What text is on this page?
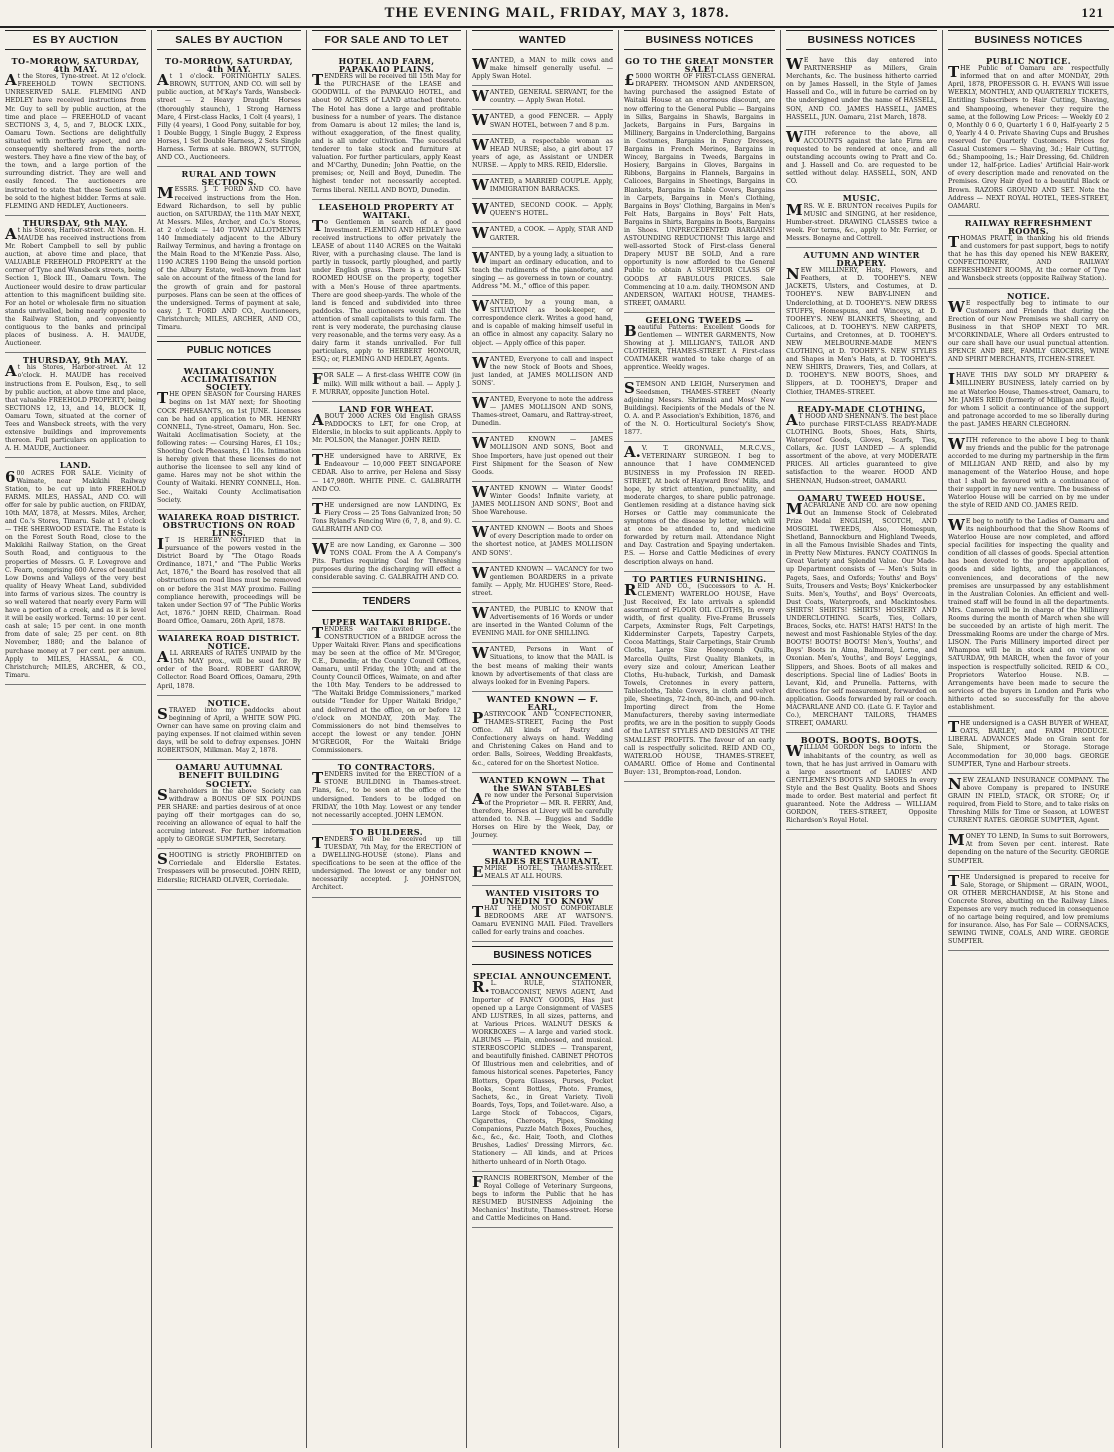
THE EVENING MAIL, FRIDAY, MAY 3, 1878.	121
ES BY AUCTION

TO-MORROW, SATURDAY, 4th MAY.

At the Stores, Tyne-street. At 12 o'clock. FREEHOLD TOWN SECTIONS. UNRESERVED SALE. FLEMING AND HEDLEY have received instructions from Mr. Guy to sell by public auction, at the time and place — FREEHOLD of vacant SECTIONS 3, 4, 5, and 7, BLOCK LXIX., Oamaru Town. Sections are delightfully situated with northerly aspect, and are consequently sheltered from the north-westers. They have a fine view of the bay, of the town, and a large portion of the surrounding district. They are well and easily fenced. The auctioneers are instructed to state that these Sections will be sold to the highest bidder. Terms at sale. FLEMING AND HEDLEY, Auctioneers.

THURSDAY, 9th MAY.

At his Stores, Harbor-street. At Noon. H. MAUDE has received instructions from Mr. Robert Campbell to sell by public auction, at above time and place, that VALUABLE FREEHOLD PROPERTY at the corner of Tyne and Wansbeck streets, being Section 1, Block III., Oamaru Town. The Auctioneer would desire to draw particular attention to this magnificent building site. For an hotel or wholesale firm no situation stands unrivalled, being nearly opposite to the Railway Station, and conveniently contiguous to the banks and principal places of business. A. H. MAUDE, Auctioneer.

THURSDAY, 9th MAY.

At his Stores, Harbor-street. At 12 o'clock. H. MAUDE has received instructions from E. Poulson, Esq., to sell by public auction, at above time and place, that valuable FREEHOLD PROPERTY, being SECTIONS 12, 13, and 14, BLOCK II, Oamaru Town, situated at the corner of Tees and Wansbeck streets, with the very extensive buildings and improvements thereon. Full particulars on application to A. H. MAUDE, Auctioneer.

LAND.

600 ACRES FOR SALE. Vicinity of Waimate, near Makikihi Railway Station, to be cut up into FREEHOLD FARMS. MILES, HASSAL, AND CO. will offer for sale by public auction, on FRIDAY, 10th MAY, 1878, at Messrs. Miles, Archer, and Co.'s Stores, Timaru. Sale at 1 o'clock — THE SHERWOOD ESTATE. The Estate is on the Forest South Road, close to the Makikihi Railway Station, on the Great South Road, and contiguous to the properties of Messrs. G. F. Lovegrove and C. Fearn, comprising 600 Acres of beautiful Low Downs and Valleys of the very best quality of Heavy Wheat Land, subdivided into farms of various sizes. The country is so well watered that nearly every Farm will have a portion of a creek, and as it is level it will be easily worked. Terms: 10 per cent. cash at sale; 15 per cent. in one month from date of sale; 25 per cent. on 8th November, 1880; and the balance of purchase money at 7 per cent. per annum. Apply to MILES, HASSAL, & CO., Christchurch; MILES, ARCHER, & CO., Timaru.

SALES BY AUCTION

TO-MORROW, SATURDAY, 4th MAY.

At 1 o'clock. FORTNIGHTLY SALES. BROWN, SUTTON, AND CO. will sell by public auction, at M'Kay's Yards, Wansbeck-street — 2 Heavy Draught Horses (thoroughly staunch), 1 Strong Harness Mare, 4 First-class Hacks, 1 Colt (4 years), 1 Filly (4 years), 1 Good Pony, suitable for boy, 1 Double Buggy, 1 Single Buggy, 2 Express Horses, 1 Set Double Harness, 2 Sets Single Harness. Terms at sale. BROWN, SUTTON, AND CO., Auctioneers.

RURAL AND TOWN SECTIONS.

MESSRS. J. T. FORD AND CO. have received instructions from the Hon. Edward Richardson, to sell by public auction, on SATURDAY, the 11th MAY NEXT, At Messrs. Miles, Archer, and Co.'s Stores, at 2 o'clock — 140 TOWN ALLOTMENTS 140 Immediately adjacent to the Albury Railway Terminus, and having a frontage on the Main Road to the M'Kenzie Pass. Also, 1190 ACRES 1190 Being the unsold portion of the Albury Estate, well-known from last sale on account of the fitness of the land for the growth of grain and for pastoral purposes. Plans can be seen at the offices of the undersigned. Terms of payment at sale, easy. J. T. FORD AND CO., Auctioneers, Christchurch; MILES, ARCHER, AND CO., Timaru.

PUBLIC NOTICES

WAITAKI COUNTY ACCLIMATISATION SOCIETY.

THE OPEN SEASON for Coursing HARES begins on 1st MAY next; for Shooting COCK PHEASANTS, on 1st JUNE. Licenses can be had on application to MR. HENRY CONNELL, Tyne-street, Oamaru, Hon. Sec. Waitaki Acclimatisation Society, at the following rates: — Coursing Hares, £1 10s.; Shooting Cock Pheasants, £1 10s. Intimation is hereby given that these licenses do not authorise the licensee to sell any kind of game. Hares may not be shot within the County of Waitaki. HENRY CONNELL, Hon. Sec., Waitaki County Acclimatisation Society.

WAIAREKA ROAD DISTRICT. OBSTRUCTIONS ON ROAD LINES.

IT IS HEREBY NOTIFIED that in pursuance of the powers vested in the District Board by "The Otago Roads Ordinance, 1871," and "The Public Works Act, 1876," the Board has resolved that all obstructions on road lines must be removed on or before the 31st MAY proximo. Failing compliance herewith, proceedings will be taken under Section 97 of "The Public Works Act, 1876." JOHN REID, Chairman. Road Board Office, Oamaru, 26th April, 1878.

WAIAREKA ROAD DISTRICT. NOTICE.

ALL ARREARS of RATES UNPAID by the 15th MAY prox., will be sued for. By order of the Board. ROBERT GARROW, Collector. Road Board Offices, Oamaru, 29th April, 1878.

NOTICE.

STRAYED into my paddocks about beginning of April, a WHITE SOW PIG. Owner can have same on proving claim and paying expenses. If not claimed within seven days, will be sold to defray expenses. JOHN ROBERTSON, Milkman. May 2, 1878.

OAMARU AUTUMNAL BENEFIT BUILDING SOCIETY.

Shareholders in the above Society can withdraw a BONUS OF SIX POUNDS PER SHARE: and parties desirous of at once paying off their mortgages can do so, receiving an allowance of equal to half the accruing interest. For further information apply to GEORGE SUMPTER, Secretary.

SHOOTING is strictly PROHIBITED on Corriedale and Elderslie Estates. Trespassers will be prosecuted. JOHN REID, Elderslie; RICHARD OLIVER, Corriedale.

FOR SALE AND TO LET

HOTEL AND FARM, PAPAKAIO PLAINS.

TENDERS will be received till 15th May for the PURCHASE of the LEASE and GOODWILL of the PAPAKAIO HOTEL, and about 90 ACRES of LAND attached thereto. The Hotel has done a large and profitable business for a number of years. The distance from Oamaru is about 12 miles; the land is, without exaggeration, of the finest quality, and is all under cultivation. The successful tenderer to take stock and furniture at valuation. For further particulars, apply Keast and M'Carthy, Dunedin; John Peattie, on the premises; or, Neill and Boyd, Dunedin. The highest tender not necessarily accepted. Terms liberal. NEILL AND BOYD, Dunedin.

LEASEHOLD PROPERTY AT WAITAKI.

To Gentlemen in search of a good Investment. FLEMING AND HEDLEY have received instructions to offer privately the LEASE of about 1140 ACRES on the Waitaki River, with a purchasing clause. The land is partly in tussock, partly ploughed, and partly under English grass. There is a good SIX-ROOMED HOUSE on the property, together with a Men's House of three apartments. There are good sheep-yards. The whole of the land is fenced and subdivided into three paddocks. The auctioneers would call the attention of small capitalists to this farm. The rent is very moderate, the purchasing clause very reasonable, and the terms very easy. As a dairy farm it stands unrivalled. For full particulars, apply to HERBERT HONOUR, ESQ.; or, FLEMING AND HEDLEY, Agents.

FOR SALE — A first-class WHITE COW (in milk). Will milk without a bail. — Apply J. F. MURRAY, opposite Junction Hotel.

LAND FOR WHEAT.

ABOUT 2000 ACRES Old English GRASS PADDOCKS to LET, for one Crop, at Elderslie, in blocks to suit applicants. Apply to Mr. POLSON, the Manager. JOHN REID.

THE undersigned have to ARRIVE, Ex Endeavour — 10,000 FEET SINGAPORE CEDAR. Also to arrive, per Helena and Sissy — 147,980ft. WHITE PINE. C. GALBRAITH AND CO.

THE undersigned are now LANDING, Ex Fiery Cross — 25 Tons Galvanized Iron; 50 Tons Ryland's Fencing Wire (6, 7, 8, and 9). C. GALBRAITH AND CO.

WE are now Landing, ex Garonne — 300 TONS COAL From the A A Company's Pits. Parties requiring Coal for Threshing purposes during the discharging will effect a considerable saving. C. GALBRAITH AND CO.

TENDERS

UPPER WAITAKI BRIDGE.

TENDERS are invited for the CONSTRUCTION of a BRIDGE across the Upper Waitaki River. Plans and specifications may be seen at the office of Mr. M'Gregor, C.E., Dunedin; at the County Council Offices, Oamaru, until Friday, the 10th; and at the County Council Offices, Waimate, on and after the 10th May. Tenders to be addressed to "The Waitaki Bridge Commissioners," marked outside "Tender for Upper Waitaki Bridge," and delivered at the office, on or before 12 o'clock on MONDAY, 20th May. The Commissioners do not bind themselves to accept the lowest or any tender. JOHN M'GREGOR, For the Waitaki Bridge Commissioners.

TO CONTRACTORS.

TENDERS invited for the ERECTION of a STONE BUILDING in Thames-street. Plans, &c., to be seen at the office of the undersigned. Tenders to be lodged on FRIDAY, the 10th May. Lowest or any tender not necessarily accepted. JOHN LEMON.

TO BUILDERS.

TENDERS will be received up till TUESDAY, 7th May, for the ERECTION of a DWELLING-HOUSE (stone). Plans and specifications to be seen at the office of the undersigned. The lowest or any tender not necessarily accepted. J. JOHNSTON, Architect.

WANTED

WANTED, a MAN to milk cows and make himself generally useful. — Apply Swan Hotel.

WANTED, GENERAL SERVANT, for the country. — Apply Swan Hotel.

WANTED, a good FENCER. — Apply SWAN HOTEL, between 7 and 8 p.m.

WANTED, a respectable woman as HEAD NURSE; also, a girl about 17 years of age, as Assistant or UNDER NURSE. — Apply to MRS. REID, Elderslie.

WANTED, a MARRIED COUPLE. Apply, IMMIGRATION BARRACKS.

WANTED, SECOND COOK. — Apply, QUEEN'S HOTEL.

WANTED, a COOK. — Apply, STAR AND GARTER.

WANTED, by a young lady, a situation to impart an ordinary education, and to teach the rudiments of the pianoforte, and singing — as governess in town or country. Address "M. M.," office of this paper.

WANTED, by a young man, a SITUATION as book-keeper, or correspondence clerk. Writes a good hand, and is capable of making himself useful in an office in almost any capacity. Salary no object. — Apply office of this paper.

WANTED, Everyone to call and inspect the new Stock of Boots and Shoes, just landed, at JAMES MOLLISON AND SONS'.

WANTED, Everyone to note the address — JAMES MOLLISON AND SONS, Thames-street, Oamaru, and Rattray-street, Dunedin.

WANTED KNOWN — JAMES MOLLISON AND SONS, Boot and Shoe Importers, have just opened out their First Shipment for the Season of New Goods.

WANTED KNOWN — Winter Goods! Winter Goods! Infinite variety, at JAMES MOLLISON AND SONS', Boot and Shoe Warehouse.

WANTED KNOWN — Boots and Shoes of every Description made to order on the shortest notice, at JAMES MOLLISON AND SONS'.

WANTED KNOWN — VACANCY for two gentlemen BOARDERS in a private family. — Apply, Mr. HUGHES' Store, Reed-street.

WANTED, the PUBLIC to KNOW that Advertisements of 16 Words or under are inserted in the Wanted Column of the EVENING MAIL for ONE SHILLING.

WANTED, Persons in Want of Situations, to know that the MAIL is the best means of making their wants known by advertisements of that class are always looked for in Evening Papers.

WANTED KNOWN — F. EARL,

PASTRYCOOK AND CONFECTIONER, THAMES-STREET, Facing the Post Office. All kinds of Pastry and Confectionery always on hand. Wedding and Christening Cakes on Hand and to order. Balls, Soirees, Wedding Breakfasts, &c., catered for on the Shortest Notice.

WANTED KNOWN — That the SWAN STABLES

Are now under the Personal Supervision of the Proprietor — MR. R. FERRY, And, therefore, Horses at Livery will be carefully attended to. N.B. — Buggies and Saddle Horses on Hire by the Week, Day, or Journey.

WANTED KNOWN — SHADES RESTAURANT,

EMPIRE HOTEL, THAMES-STREET. MEALS AT ALL HOURS.

WANTED VISITORS TO DUNEDIN TO KNOW

THAT THE MOST COMFORTABLE BEDROOMS ARE AT WATSON'S. Oamaru EVENING MAIL Filed. Travellers called for early trains and coaches.

BUSINESS NOTICES

SPECIAL ANNOUNCEMENT.

R.L. RULE, STATIONER, TOBACCONIST, NEWS AGENT, And Importer of FANCY GOODS, Has just opened up a Large Consignment of VASES AND LUSTRES, In all sizes, patterns, and at Various Prices. WALNUT DESKS & WORKBOXES — A large and varied stock. ALBUMS — Plain, embossed, and musical. STEREOSCOPIC SLIDES — Transparent, and beautifully finished. CABINET PHOTOS Of Illustrious men and celebrities, and of famous historical scenes. Papeteries, Fancy Blotters, Opera Glasses, Purses, Pocket Books, Scent Bottles, Photo. Frames, Sachets, &c., in Great Variety. Tivoli Boards, Toys, Tops, and Toilet-ware. Also, a Large Stock of Tobaccos, Cigars, Cigarettes, Cheroots, Pipes, Smoking Companions, Puzzle Match Boxes, Pouches, &c., &c., &c. Hair, Tooth, and Clothes Brushes, Ladies' Dressing Mirrors, &c. Stationery — All kinds, and at Prices hitherto unheard of in North Otago.

FRANCIS ROBERTSON, Member of the Royal College of Veterinary Surgeons, begs to inform the Public that he has RESUMED BUSINESS Adjoining the Mechanics' Institute, Thames-street. Horse and Cattle Medicines on Hand.

BUSINESS NOTICES

GO TO THE GREAT MONSTER SALE!

£5000 WORTH OF FIRST-CLASS GENERAL DRAPERY. THOMSON AND ANDERSON, having purchased the assigned Estate of Waitaki House at an enormous discount, are now offering to the General Public — Bargains in Silks, Bargains in Shawls, Bargains in Jackets, Bargains in Furs, Bargains in Millinery, Bargains in Underclothing, Bargains in Costumes, Bargains in Fancy Dresses, Bargains in French Merinos, Bargains in Wincey, Bargains in Tweeds, Bargains in Hosiery, Bargains in Gloves, Bargains in Ribbons, Bargains in Flannels, Bargains in Calicoes, Bargains in Sheetings, Bargains in Blankets, Bargains in Table Covers, Bargains in Carpets, Bargains in Men's Clothing, Bargains in Boys' Clothing, Bargains in Men's Felt Hats, Bargains in Boys' Felt Hats, Bargains in Shirts, Bargains in Boots, Bargains in Shoes. UNPRECEDENTED BARGAINS! ASTOUNDING REDUCTIONS! This large and well-assorted Stock of First-class General Drapery MUST BE SOLD, And a rare opportunity is now afforded to the General Public to obtain A SUPERIOR CLASS OF GOODS AT FABULOUS PRICES. Sale Commencing at 10 a.m. daily. THOMSON AND ANDERSON, WAITAKI HOUSE, THAMES-STREET, OAMARU.

GEELONG TWEEDS —

Beautiful Patterns: Excellent Goods for Gentlemen — WINTER GARMENTS, Now Showing at J. MILLIGAN'S, TAILOR AND CLOTHIER, THAMES-STREET. A First-class COATMAKER wanted to take charge of an apprentice. Weekly wages.

STEMSON AND LEIGH, Nurserymen and Seedsmen, THAMES-STREET (Nearly adjoining Messrs. Shrimski and Moss' New Buildings). Recipients of the Medals of the N. O. A. and P. Association's Exhibition, 1876, and of the N. O. Horticultural Society's Show, 1877.

A.V. T. GRONVALL, M.R.C.V.S., VETERINARY SURGEON. I beg to announce that I have COMMENCED BUSINESS in my Profession IN REED-STREET, At back of Hayward Bros' Mills, and hope, by strict attention, punctuality, and moderate charges, to share public patronage. Gentlemen residing at a distance having sick Horses or Cattle may communicate the symptoms of the disease by letter, which will at once be attended to, and medicine forwarded by return mail. Attendance Night and Day. Castration and Spaying undertaken. P.S. — Horse and Cattle Medicines of every description always on hand.

TO PARTIES FURNISHING.

REID AND CO., (Successors to A. H. CLEMENT) WATERLOO HOUSE, Have Just Received, Ex late arrivals a splendid assortment of FLOOR OIL CLOTHS, In every width, of first quality. Five-Frame Brussels Carpets, Axminster Rugs, Felt Carpetings, Kidderminster Carpets, Tapestry Carpets, Cocoa Mattings, Stair Carpetings, Stair Crumb Cloths, Large Size Honeycomb Quilts, Marcella Quilts, First Quality Blankets, in every size and colour, American Leather Cloths, Hu-huback, Turkish, and Damask Towels, Cretonnes in every pattern, Tablecloths, Table Covers, in cloth and velvet pile, Sheetings, 72-inch, 80-inch, and 90-inch. Importing direct from the Home Manufacturers, thereby saving intermediate profits, we are in the position to supply Goods of the LATEST STYLES AND DESIGNS AT THE SMALLEST PROFITS. The favour of an early call is respectfully solicited. REID AND CO., WATERLOO HOUSE, THAMES-STREET, OAMARU. Office of Home and Continental Buyer: 131, Brompton-road, London.

BUSINESS NOTICES

WE have this day entered into PARTNERSHIP as Millers, Grain Merchants, &c. The business hitherto carried on by James Hassell, in the Style of James Hassell and Co., will in future be carried on by the undersigned under the name of HASSELL, SON, AND CO. JAMES HASSELL, JAMES HASSELL, JUN. Oamaru, 21st March, 1878.

WITH reference to the above, all ACCOUNTS against the late Firm are requested to be rendered at once, and all outstanding accounts owing to Pratt and Co. and J. Hassell and Co. are requested to be settled without delay. HASSELL, SON, AND CO.

MUSIC.

MRS. W. E. BRUNTON receives Pupils for MUSIC and SINGING, at her residence, Humber-street. DRAWING CLASSES twice a week. For terms, &c., apply to Mr. Ferrier, or Messrs. Bonayne and Cottrell.

AUTUMN AND WINTER DRAPERY.

NEW MILLINERY, Hats, Flowers, and Feathers, at D. TOOHEY'S. NEW JACKETS, Ulsters, and Costumes, at D. TOOHEY'S. NEW BABY-LINEN and Underclothing, at D. TOOHEY'S. NEW DRESS STUFFS, Homespuns, and Winceys, at D. TOOHEY'S. NEW BLANKETS, Sheeting, and Calicoes, at D. TOOHEY'S. NEW CARPETS, Curtains, and Cretonnes, at D. TOOHEY'S. NEW MELBOURNE-MADE MEN'S CLOTHING, at D. TOOHEY'S. NEW STYLES and Shapes in Men's Hats, at D. TOOHEY'S. NEW SHIRTS, Drawers, Ties, and Collars, at D. TOOHEY'S. NEW BOOTS, Shoes, and Slippers, at D. TOOHEY'S, Draper and Clothier, THAMES-STREET.

READY-MADE CLOTHING,

AT HOOD AND SHENNAN'S. The best place to purchase FIRST-CLASS READY-MADE CLOTHING. Boots, Shoes, Hats, Shirts, Waterproof Goods, Gloves, Scarfs, Ties, Collars, &c. JUST LANDED — A splendid assortment of the above, at very MODERATE PRICES. All articles guaranteed to give satisfaction to the wearer. HOOD AND SHENNAN, Hudson-street, OAMARU.

OAMARU TWEED HOUSE.

MACFARLANE AND CO. are now opening Out an Immense Stock of Celebrated Prize Medal ENGLISH, SCOTCH, AND MOSGIEL TWEEDS, Also, Homespun, Shetland, Bannockburn and Highland Tweeds, in all the Famous Invisible Shades and Tints, in Pretty New Mixtures. FANCY COATINGS In Great Variety and Splendid Value. Our Made-up Department consists of — Men's Suits in Pagets, Saes, and Oxfords; Youths' and Boys' Suits, Trousers and Vests; Boys' Knickerbocker Suits. Men's, Youths', and Boys' Overcoats, Dust Coats, Waterproofs, and Mackintoshes. SHIRTS! SHIRTS! SHIRTS! HOSIERY AND UNDERCLOTHING. Scarfs, Ties, Collars, Braces, Socks, etc. HATS! HATS! HATS! In the newest and most Fashionable Styles of the day. BOOTS! BOOTS! BOOTS! Men's, Youths', and Boys' Boots in Alma, Balmoral, Lorne, and Oxonian. Men's, Youths', and Boys' Leggings, Slippers, and Shoes. Boots of all makes and descriptions. Special line of Ladies' Boots in Levant, Kid, and Prunella. Patterns, with directions for self measurement, forwarded on application. Goods forwarded by rail or coach. MACFARLANE AND CO. (Late G. F. Taylor and Co.), MERCHANT TAILORS, THAMES STREET, OAMARU.

BOOTS. BOOTS. BOOTS.

WILLIAM GORDON begs to inform the inhabitants of the country, as well as town, that he has just arrived in Oamaru with a large assortment of LADIES' AND GENTLEMEN'S BOOTS AND SHOES In every Style and the Best Quality. Boots and Shoes made to order. Best material and perfect fit guaranteed. Note the Address — WILLIAM GORDON, TEES-STREET, Opposite Richardson's Royal Hotel.

BUSINESS NOTICES

PUBLIC NOTICE.

THE Public of Oamaru are respectfully informed that on and after MONDAY, 29th April, 1878, PROFESSOR G. H. EVANS Will issue WEEKLY, MONTHLY, AND QUARTERLY TICKETS, Entitling Subscribers to Hair Cutting, Shaving, and Shampooing, whenever they require the same, at the following Low Prices: — Weekly £0 2 0, Monthly 0 6 0, Quarterly 1 6 0, Half-yearly 2 5 0, Yearly 4 4 0. Private Shaving Cups and Brushes reserved for Quarterly Customers. Prices for Casual Customers — Shaving, 3d.; Hair Cutting, 6d.; Shampooing, 1s.; Hair Dressing, 6d. Children under 12, half-price. Ladies' Artificial Hair-work of every description made and renovated on the Premises. Grey Hair dyed to a beautiful Black or Brown. RAZORS GROUND AND SET. Note the Address — NEXT ROYAL HOTEL, TEES-STREET, OAMARU.

RAILWAY REFRESHMENT ROOMS.

THOMAS PRATT, in thanking his old friends and customers for past support, begs to notify that he has this day opened his NEW BAKERY, CONFECTIONERY, AND RAILWAY REFRESHMENT ROOMS, At the corner of Tyne and Wansbeck streets (opposite Railway Station).

NOTICE.

WE respectfully beg to intimate to our Customers and Friends that during the Erection of our New Premises we shall carry on Business in that SHOP NEXT TO MR. M'CORKINDALE, Where all Orders entrusted to our care shall have our usual punctual attention. SPENCE AND BEE, FAMILY GROCERS, WINE AND SPIRIT MERCHANTS, ITCHEN-STREET.

IHAVE THIS DAY SOLD MY DRAPERY & MILLINERY BUSINESS, lately carried on by me at Waterloo House, Thames-street, Oamaru, to Mr. JAMES REID (formerly of Milligan and Reid), for whom I solicit a continuance of the support and patronage accorded to me so liberally during the past. JAMES HEARN CLEGHORN.

WITH reference to the above I beg to thank my friends and the public for the patronage accorded to me during my partnership in the firm of MILLIGAN AND REID, and also by my management of the Waterloo House, and hope that I shall be favoured with a continuance of their support in my new venture. The business of Waterloo House will be carried on by me under the style of REID AND CO. JAMES REID.

WE beg to notify to the Ladies of Oamaru and its neighbourhood that the Show Rooms of Waterloo House are now completed, and afford special facilities for inspecting the quality and condition of all classes of goods. Special attention has been devoted to the proper application of goods and side lights, and the appliances, conveniences, and decorations of the new premises are unsurpassed by any establishment in the Australian Colonies. An efficient and well-trained staff will be found in all the departments. Mrs. Cameron will be in charge of the Millinery Rooms during the month of March when she will be succeeded by an artiste of high merit. The Dressmaking Rooms are under the charge of Mrs. LISON. The Paris Millinery imported direct per Whampoa will be in stock and on view on SATURDAY, 9th MARCH, when the favor of your inspection is respectfully solicited. REID & CO., Proprietors Waterloo House. N.B. — Arrangements have been made to secure the services of the buyers in London and Paris who hitherto acted so successfully for the above establishment.

THE undersigned is a CASH BUYER of WHEAT, OATS, BARLEY, and FARM PRODUCE. LIBERAL ADVANCES Made on Grain sent for Sale, Shipment, or Storage. Storage Accommodation for 30,000 bags. GEORGE SUMPTER, Tyne and Harbour streets.

NEW ZEALAND INSURANCE COMPANY. The above Company is prepared to INSURE GRAIN IN FIELD, STACK, OR STORE; Or, if required, from Field to Store, and to take risks on Threshing Mills for Time or Season, at LOWEST CURRENT RATES. GEORGE SUMPTER, Agent.

MONEY TO LEND, In Sums to suit Borrowers, At from Seven per cent. interest. Rate depending on the nature of the Security. GEORGE SUMPTER.

THE Undersigned is prepared to receive for Sale, Storage, or Shipment — GRAIN, WOOL, OR OTHER MERCHANDISE, At his Stone and Concrete Stores, abutting on the Railway Lines. Expenses are very much reduced in consequence of no cartage being required, and low premiums for insurance. Also, has For Sale — CORNSACKS, SEWING TWINE, COALS, AND WIRE. GEORGE SUMPTER.
